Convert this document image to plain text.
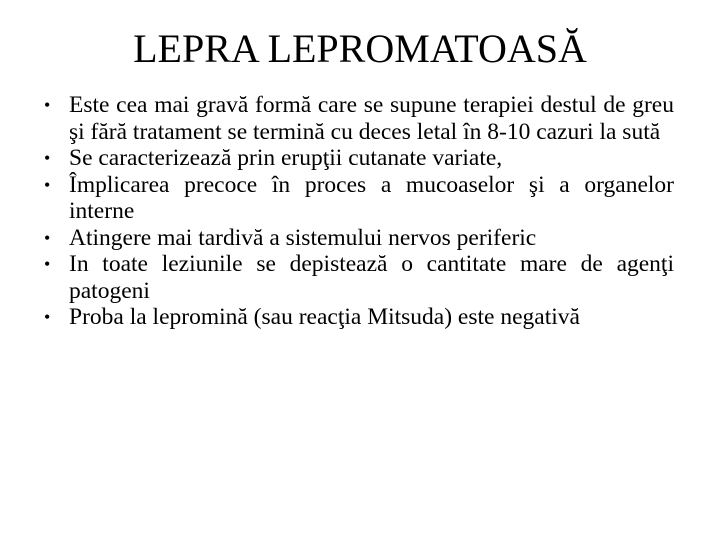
LEPRA LEPROMATOASĂ
• Este cea mai gravă formă care se supune terapiei destul de greu şi fără tratament se termină cu deces letal în 8-10 cazuri la sută
• Se caracterizează prin erupţii cutanate variate,
• Împlicarea precoce în proces a mucoaselor şi a organelor interne
• Atingere mai tardivă a sistemului nervos periferic
• In toate leziunile se depistează o cantitate mare de agenţi patogeni
• Proba la lepromină (sau reacţia Mitsuda) este negativă
